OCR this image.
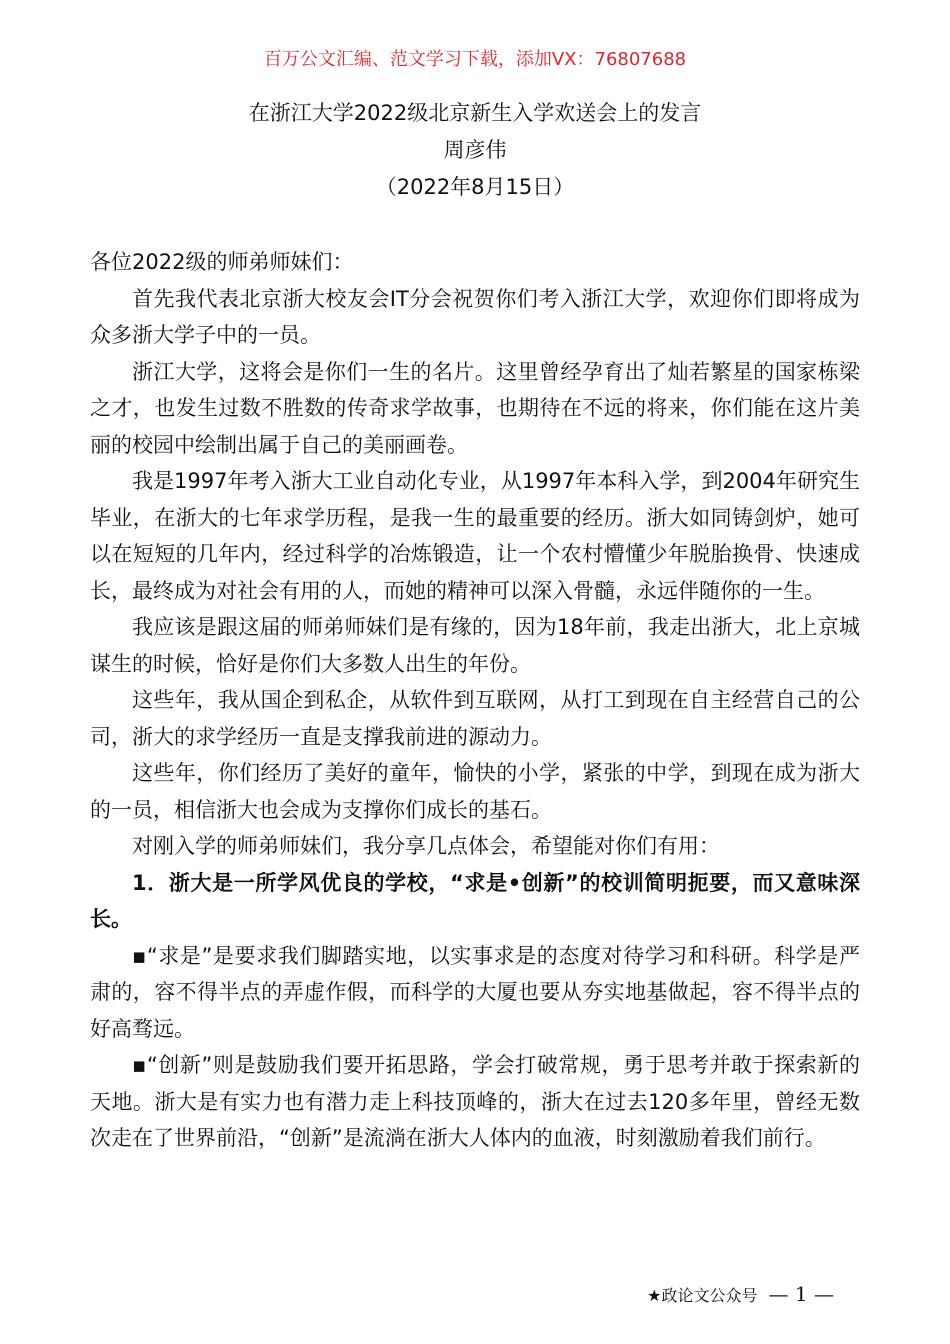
百万公文汇编、范文学习下载，添加VX：76807688
在浙江大学2022级北京新生入学欢送会上的发言
周彦伟
（2022年8月15日）

各位2022级的师弟师妹们：

首先我代表北京浙大校友会IT分会祝贺你们考入浙江大学，欢迎你们即将成为众多浙大学子中的一员。

浙江大学，这将会是你们一生的名片。这里曾经孕育出了灿若繁星的国家栋梁之才，也发生过数不胜数的传奇求学故事，也期待在不远的将来，你们能在这片美丽的校园中绘制出属于自己的美丽画卷。

我是1997年考入浙大工业自动化专业，从1997年本科入学，到2004年研究生毕业，在浙大的七年求学历程，是我一生的最重要的经历。浙大如同铸剑炉，她可以在短短的几年内，经过科学的冶炼锻造，让一个农村懵懂少年脱胎换骨、快速成长，最终成为对社会有用的人，而她的精神可以深入骨髓，永远伴随你的一生。

我应该是跟这届的师弟师妹们是有缘的，因为18年前，我走出浙大，北上京城谋生的时候，恰好是你们大多数人出生的年份。

这些年，我从国企到私企，从软件到互联网，从打工到现在自主经营自己的公司，浙大的求学经历一直是支撑我前进的源动力。

这些年，你们经历了美好的童年，愉快的小学，紧张的中学，到现在成为浙大的一员，相信浙大也会成为支撑你们成长的基石。

对刚入学的师弟师妹们，我分享几点体会，希望能对你们有用：

1．浙大是一所学风优良的学校，“求是•创新”的校训简明扼要，而又意味深长。

▪“求是”是要求我们脚踏实地，以实事求是的态度对待学习和科研。科学是严肃的，容不得半点的弄虚作假，而科学的大厦也要从夯实地基做起，容不得半点的好高骛远。

▪“创新”则是鼓励我们要开拓思路，学会打破常规，勇于思考并敢于探索新的天地。浙大是有实力也有潜力走上科技顶峰的，浙大在过去120多年里，曾经无数次走在了世界前沿，“创新”是流淌在浙大人体内的血液，时刻激励着我们前行。

★政论文公众号 — 1 —
